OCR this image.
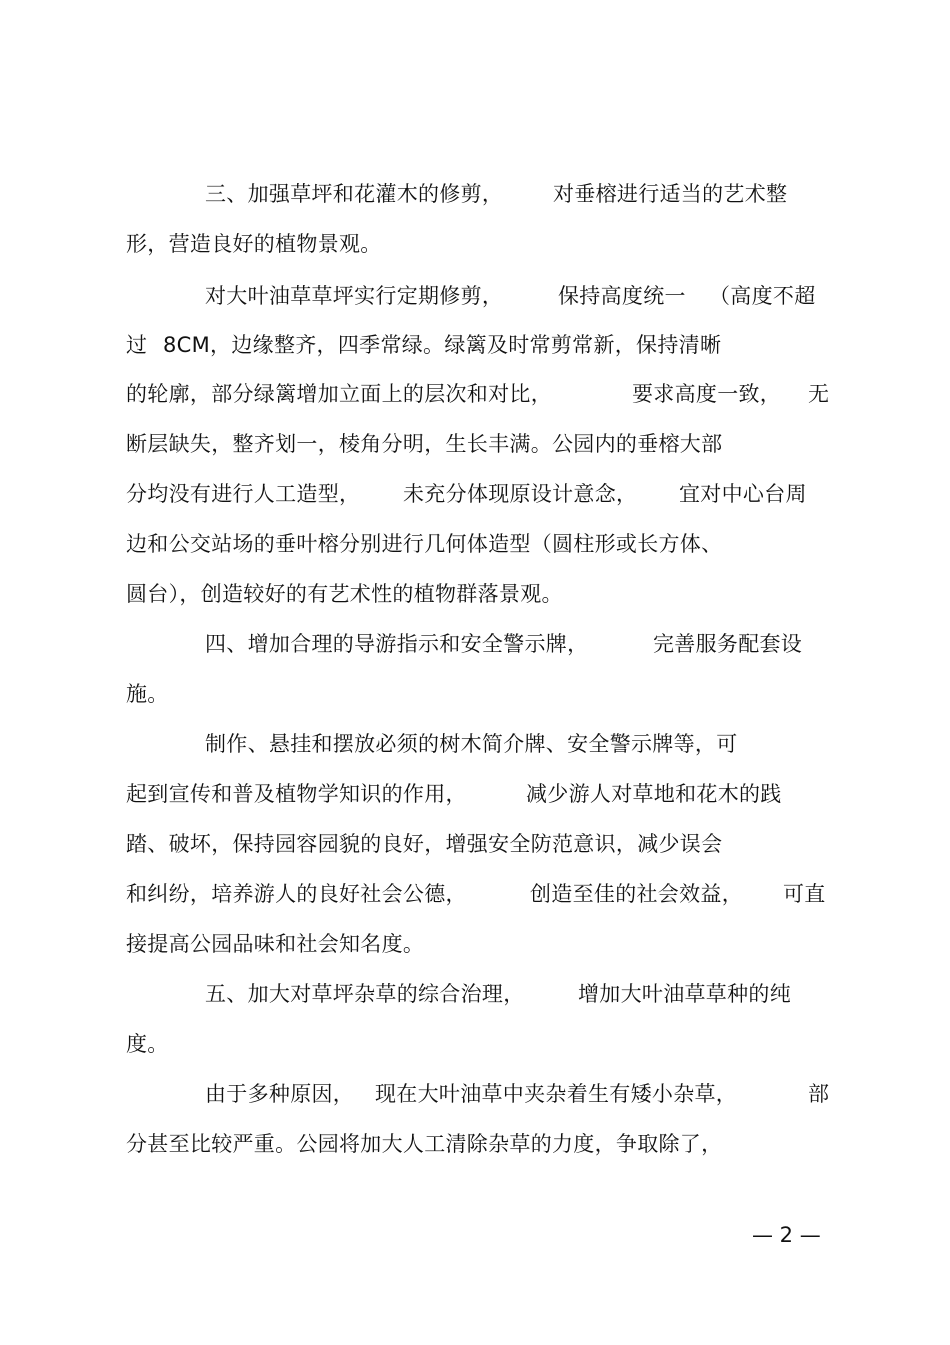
三、加强草坪和花灌木的修剪，

对垂榕进行适当的艺术整

形，营造良好的植物景观。

对大叶油草草坪实行定期修剪，

	保持高度统一

（高度不超

过

8CM，边缘整齐，四季常绿。绿篱及时常剪常新，保持清晰

的轮廓，部分绿篱增加立面上的层次和对比，

	要求高度一致，

无

断层缺失，整齐划一，棱角分明，生长丰满。公园内的垂榕大部

分均没有进行人工造型，

未充分体现原设计意念，

宜对中心台周

边和公交站场的垂叶榕分别进行几何体造型（圆柱形或长方体、

圆台），创造较好的有艺术性的植物群落景观。

四、增加合理的导游指示和安全警示牌，

	完善服务配套设

施。

制作、悬挂和摆放必须的树木简介牌、安全警示牌等，可

起到宣传和普及植物学知识的作用，

	减少游人对草地和花木的践

踏、破坏，保持园容园貌的良好，增强安全防范意识，减少误会

和纠纷，培养游人的良好社会公德，

	创造至佳的社会效益，

可直

接提高公园品味和社会知名度。

五、加大对草坪杂草的综合治理，

	增加大叶油草草种的纯

度。

由于多种原因，

现在大叶油草中夹杂着生有矮小杂草，

	部

分甚至比较严重。公园将加大人工清除杂草的力度，争取除了，

— 2 —
